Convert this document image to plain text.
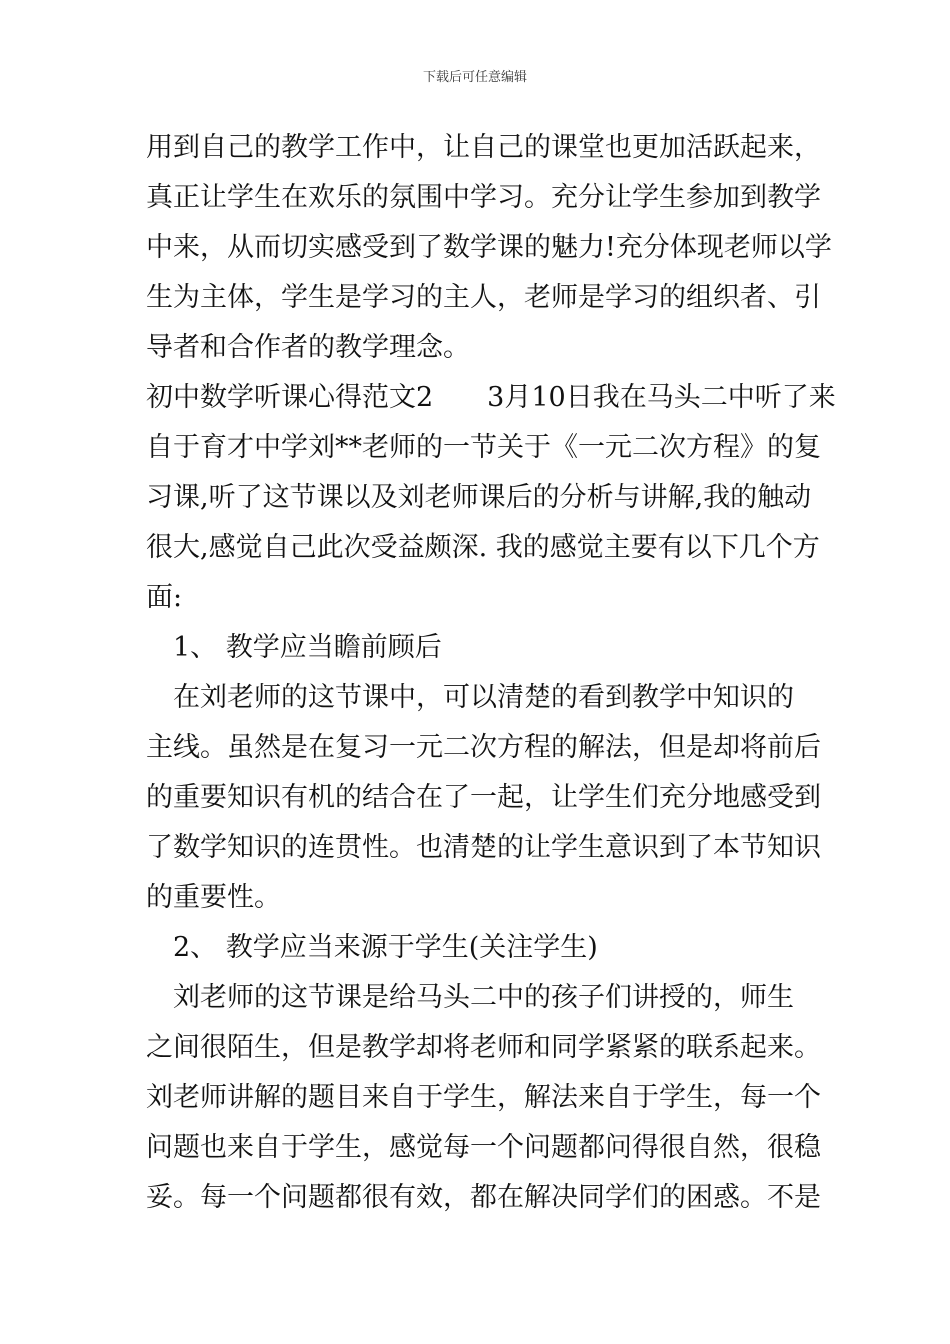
下载后可任意编辑
用到自己的教学工作中，让自己的课堂也更加活跃起来，
真正让学生在欢乐的氛围中学习。充分让学生参加到教学
中来，从而切实感受到了数学课的魅力!充分体现老师以学
生为主体，学生是学习的主人，老师是学习的组织者、引
导者和合作者的教学理念。
初中数学听课心得范文2　　3月10日我在马头二中听了来
自于育才中学刘**老师的一节关于《一元二次方程》的复
习课,听了这节课以及刘老师课后的分析与讲解,我的触动
很大,感觉自己此次受益颇深. 我的感觉主要有以下几个方
面:
　1、 教学应当瞻前顾后
　在刘老师的这节课中，可以清楚的看到教学中知识的
主线。虽然是在复习一元二次方程的解法，但是却将前后
的重要知识有机的结合在了一起，让学生们充分地感受到
了数学知识的连贯性。也清楚的让学生意识到了本节知识
的重要性。
　2、 教学应当来源于学生(关注学生)
　刘老师的这节课是给马头二中的孩子们讲授的，师生
之间很陌生，但是教学却将老师和同学紧紧的联系起来。
刘老师讲解的题目来自于学生，解法来自于学生，每一个
问题也来自于学生，感觉每一个问题都问得很自然，很稳
妥。每一个问题都很有效，都在解决同学们的困惑。不是
